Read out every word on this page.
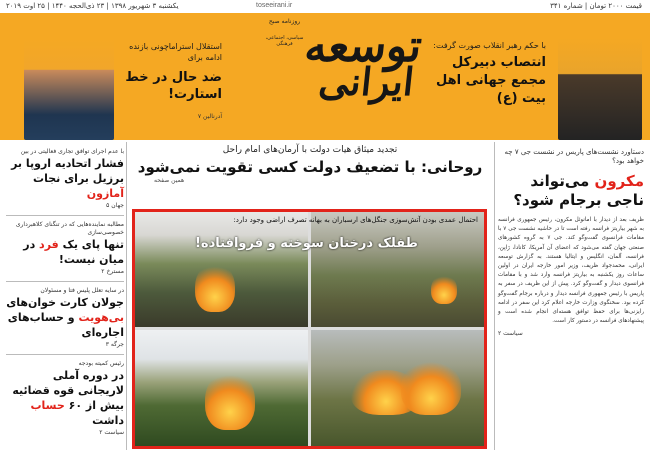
یکشنبه ۳ شهریور ۱۳۹۸ | ۲۳ ذی‌الحجه ۱۴۴۰ | ۲۵ اوت ۲۰۱۹	toseeirani.ir	قیمت ۲۰۰۰ تومان | شماره ۳۴۱
استقلال استراماچونی بازنده ادامه برای
ضد حال در خط استارت!
آدرنالین ۷
توسعه
ایرانی
روزنامه صبح
سیاسی، اجتماعی، فرهنگی	با حکم رهبر انقلاب صورت گرفت:
انتصاب دبیرکل مجمع جهانی اهل بیت (ع)
با عدم اجرای توافق تجاری فعالیتی در بین
فشار اتحادیه اروپا بر برزیل برای نجات آمازون
جهان ۵
مطالبه نماینده‌هایی که در تنگنای کلاهبرداری خصوصی‌سازی
تنها پای یک فرد در میان نیست!
مسترخ ۲
در سایه تعلل پلیس فتا و مسئولان
جولان کارت خوان‌های بی‌هویت و حساب‌های اجاره‌ای
جرگه ۳
رئیس کمیته بودجه
در دوره آملی لاریجانی قوه قضائیه بیش از ۶۰ حساب داشت
سیاست ۲
تجدید میثاق هیات دولت با آرمان‌های امام راحل
روحانی: با تضعیف دولت کسی تقویت نمی‌شود
همین صفحه
احتمال عمدی بودن آتش‌سوزی جنگل‌های ارسباران به بهانه تصرف اراضی وجود دارد:
طفلک درختان سوخته و فروافتاده!
دستاورد نشست‌های پاریس در نشست جی ۷ چه خواهد بود؟
مکرون می‌تواند ناجی برجام شود؟
ظریف بعد از دیدار با امانوئل مکرون، رئیس جمهوری فرانسه به شهر بیاریتز فرانسه رفته است تا در حاشیه نشست جی ۷ با مقامات فرانسوی گفت‌وگو کند. جی ۷ به گروه کشورهای صنعتی جهان گفته می‌شود که اعضای آن آمریکا، کانادا، ژاپن، فرانسه، آلمان، انگلیس و ایتالیا هستند. به گزارش توسعه ایرانی، محمدجواد ظریف، وزیر امور خارجه ایران در اولین ساعات روز یکشنبه به بیاریتز فرانسه وارد شد و با مقامات فرانسوی دیدار و گفت‌وگو کرد. پیش از این ظریف در سفر به پاریس با رئیس جمهوری فرانسه دیدار و درباره برجام گفت‌وگو کرده بود. سخنگوی وزارت خارجه اعلام کرد این سفر در ادامه رایزنی‌ها برای حفظ توافق هسته‌ای انجام شده است و پیشنهادهای فرانسه در دستور کار است.
سیاست ۲
